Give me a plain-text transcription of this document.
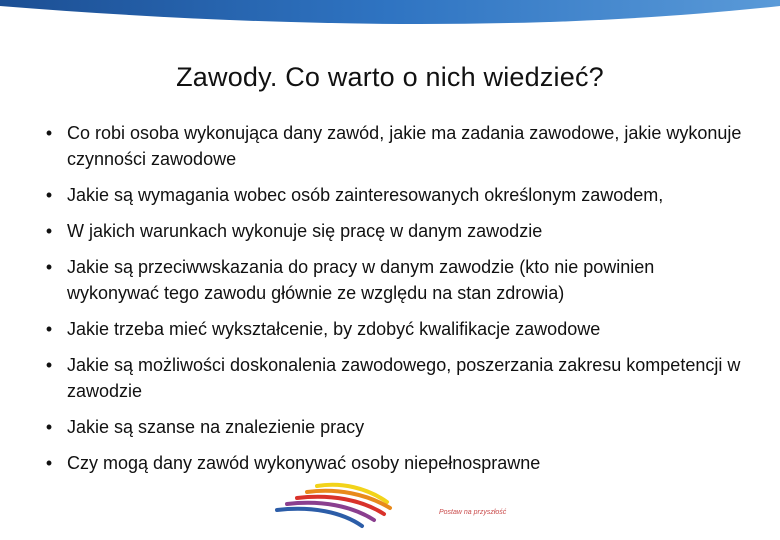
Zawody. Co warto o nich wiedzieć?
• Co robi osoba wykonująca dany zawód, jakie ma zadania zawodowe, jakie wykonuje czynności zawodowe
• Jakie są wymagania wobec osób zainteresowanych określonym zawodem,
• W jakich warunkach wykonuje się pracę w danym zawodzie
• Jakie są przeciwwskazania do pracy w danym zawodzie (kto nie powinien wykonywać tego zawodu głównie ze względu na stan zdrowia)
• Jakie trzeba mieć wykształcenie, by zdobyć kwalifikacje zawodowe
• Jakie są możliwości doskonalenia zawodowego, poszerzania zakresu kompetencji w zawodzie
• Jakie są szanse na znalezienie pracy
• Czy mogą dany zawód wykonywać osoby niepełnosprawne
Postaw na przyszłość
